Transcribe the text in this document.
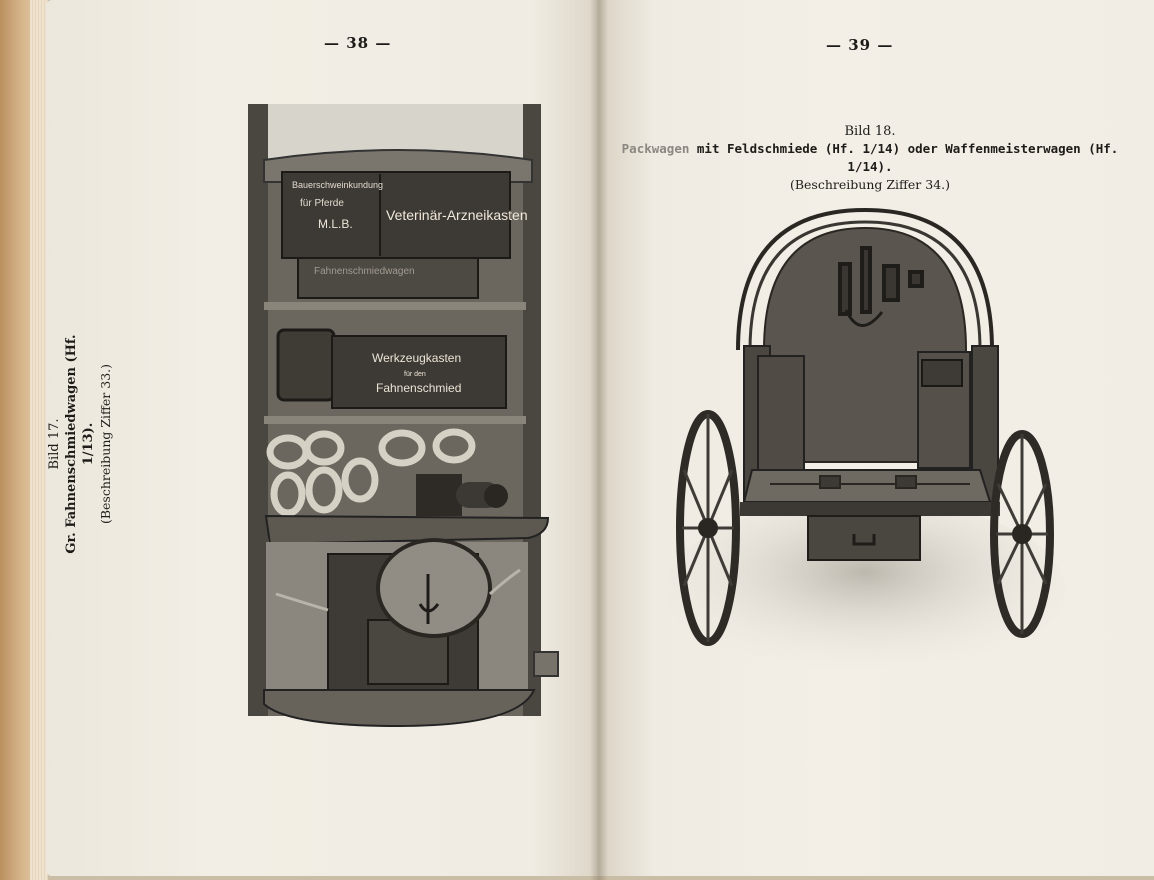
— 38 —
Bild 17. Gr. Fahnenschmiedwagen (Hf. 1/13). (Beschreibung Ziffer 33.)
Bauerschweinkundung
für Pferde
M.L.B.
Veterinär-Arzneikasten
Fahnenschmiedwagen
Werkzeugkasten
für den
Fahnenschmied
— 39 —
Bild 18.
Packwagen mit Feldschmiede (Hf. 1/14) oder Waffenmeisterwagen (Hf. 1/14).
(Beschreibung Ziffer 34.)
